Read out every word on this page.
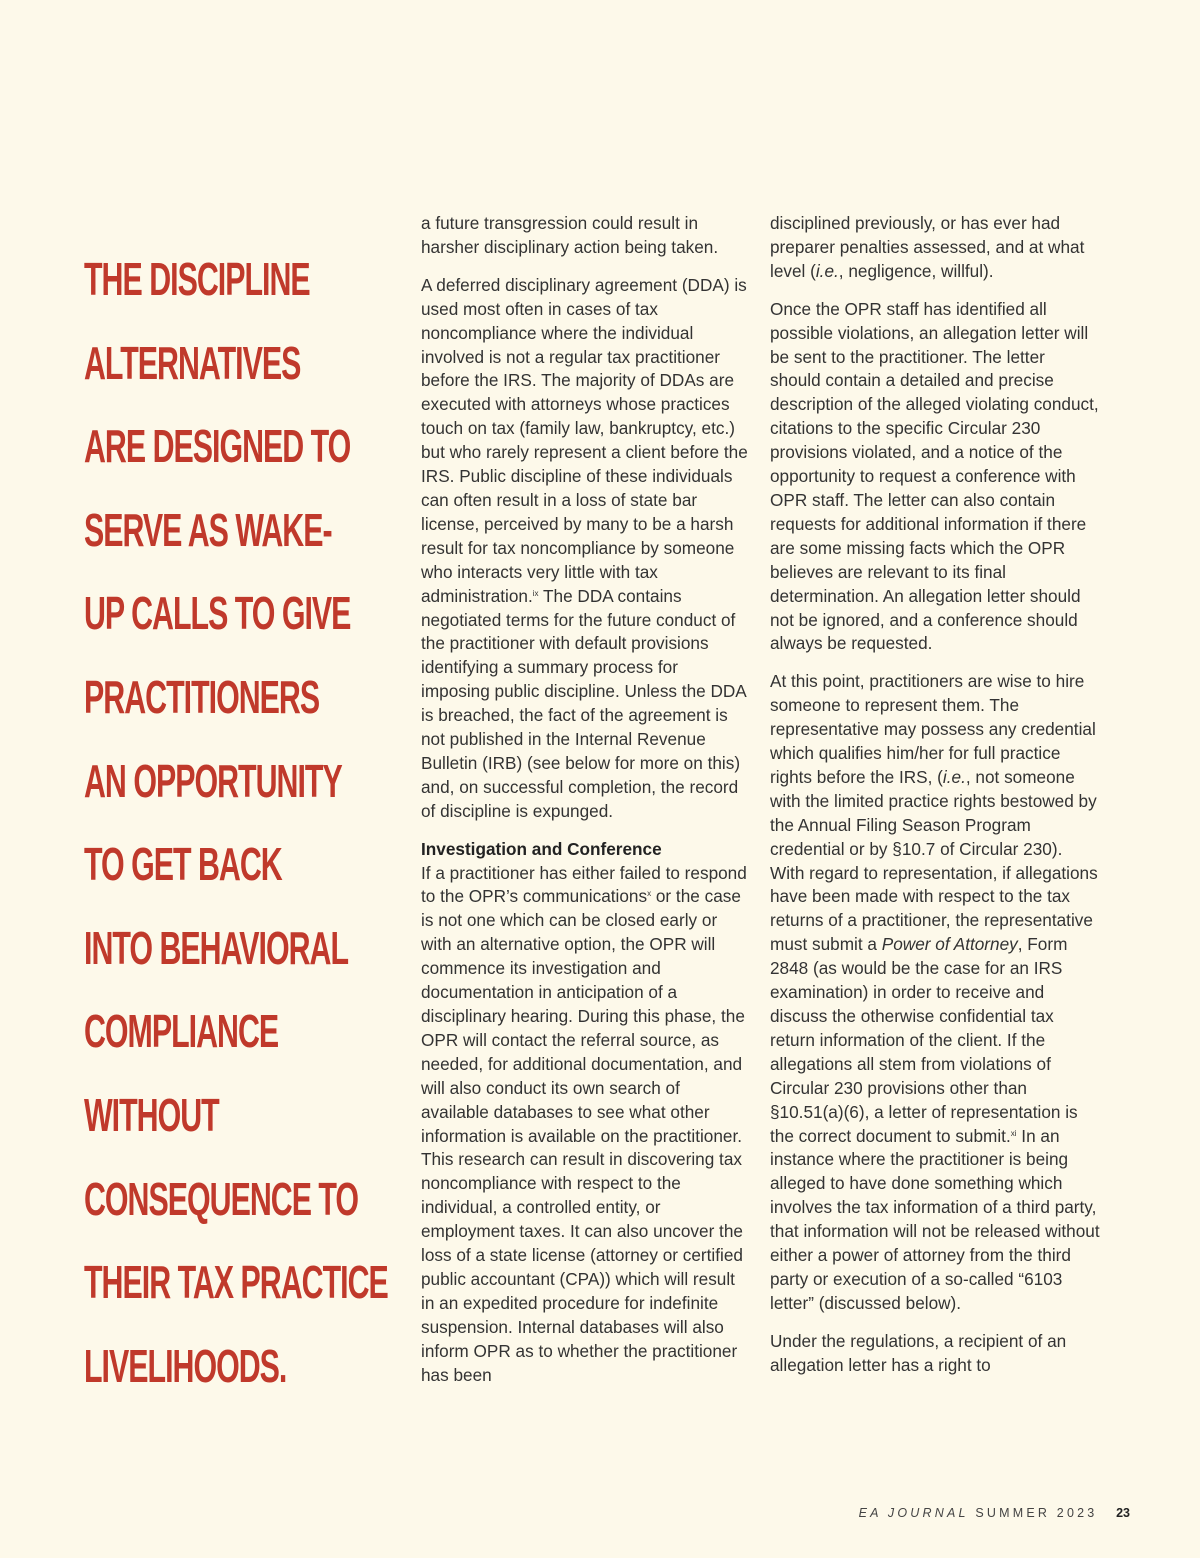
THE DISCIPLINE
ALTERNATIVES
ARE DESIGNED TO
SERVE AS WAKE-
UP CALLS TO GIVE
PRACTITIONERS
AN OPPORTUNITY
TO GET BACK
INTO BEHAVIORAL
COMPLIANCE
WITHOUT
CONSEQUENCE TO
THEIR TAX PRACTICE
LIVELIHOODS.

a future transgression could result in harsher disciplinary action being taken.

A deferred disciplinary agreement (DDA) is used most often in cases of tax noncompliance where the individual involved is not a regular tax practitioner before the IRS. The majority of DDAs are executed with attorneys whose practices touch on tax (family law, bankruptcy, etc.) but who rarely represent a client before the IRS. Public discipline of these individuals can often result in a loss of state bar license, perceived by many to be a harsh result for tax noncompliance by someone who interacts very little with tax administration.$^{ix}$ The DDA contains negotiated terms for the future conduct of the practitioner with default provisions identifying a summary process for imposing public discipline. Unless the DDA is breached, the fact of the agreement is not published in the Internal Revenue Bulletin (IRB) (see below for more on this) and, on successful completion, the record of discipline is expunged.

Investigation and Conference

If a practitioner has either failed to respond to the OPR’s communications$^x$ or the case is not one which can be closed early or with an alternative option, the OPR will commence its investigation and documentation in anticipation of a disciplinary hearing. During this phase, the OPR will contact the referral source, as needed, for additional documentation, and will also conduct its own search of available databases to see what other information is available on the practitioner. This research can result in discovering tax noncompliance with respect to the individual, a controlled entity, or employment taxes. It can also uncover the loss of a state license (attorney or certified public accountant (CPA)) which will result in an expedited procedure for indefinite suspension. Internal databases will also inform OPR as to whether the practitioner has been

disciplined previously, or has ever had preparer penalties assessed, and at what level (i.e., negligence, willful).

Once the OPR staff has identified all possible violations, an allegation letter will be sent to the practitioner. The letter should contain a detailed and precise description of the alleged violating conduct, citations to the specific Circular 230 provisions violated, and a notice of the opportunity to request a conference with OPR staff. The letter can also contain requests for additional information if there are some missing facts which the OPR believes are relevant to its final determination. An allegation letter should not be ignored, and a conference should always be requested.

At this point, practitioners are wise to hire someone to represent them. The representative may possess any credential which qualifies him/her for full practice rights before the IRS, (i.e., not someone with the limited practice rights bestowed by the Annual Filing Season Program credential or by §10.7 of Circular 230). With regard to representation, if allegations have been made with respect to the tax returns of a practitioner, the representative must submit a Power of Attorney, Form 2848 (as would be the case for an IRS examination) in order to receive and discuss the otherwise confidential tax return information of the client. If the allegations all stem from violations of Circular 230 provisions other than §10.51(a)(6), a letter of representation is the correct document to submit.$^{xi}$ In an instance where the practitioner is being alleged to have done something which involves the tax information of a third party, that information will not be released without either a power of attorney from the third party or execution of a so-called “6103 letter” (discussed below).

Under the regulations, a recipient of an allegation letter has a right to

EA JOURNAL SUMMER 2023 23
